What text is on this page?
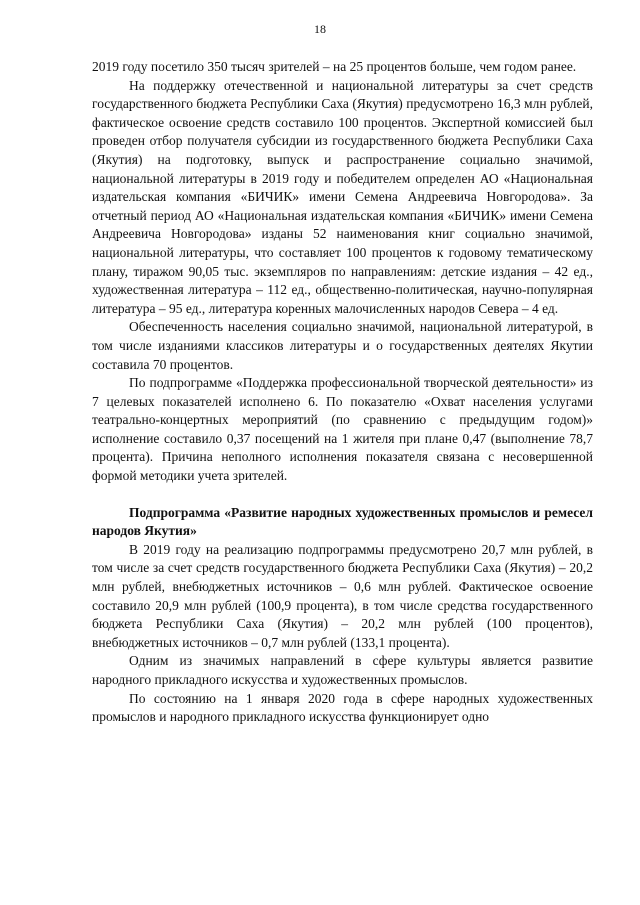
18

2019 году посетило 350 тысяч зрителей – на 25 процентов больше, чем годом ранее.

На поддержку отечественной и национальной литературы за счет средств государственного бюджета Республики Саха (Якутия) предусмотрено 16,3 млн рублей, фактическое освоение средств составило 100 процентов. Экспертной комиссией был проведен отбор получателя субсидии из государственного бюджета Республики Саха (Якутия) на подготовку, выпуск и распространение социально значимой, национальной литературы в 2019 году и победителем определен АО «Национальная издательская компания «БИЧИК» имени Семена Андреевича Новгородова». За отчетный период АО «Национальная издательская компания «БИЧИК» имени Семена Андреевича Новгородова» изданы 52 наименования книг социально значимой, национальной литературы, что составляет 100 процентов к годовому тематическому плану, тиражом 90,05 тыс. экземпляров по направлениям: детские издания – 42 ед., художественная литература – 112 ед., общественно-политическая, научно-популярная литература – 95 ед., литература коренных малочисленных народов Севера – 4 ед.

Обеспеченность населения социально значимой, национальной литературой, в том числе изданиями классиков литературы и о государственных деятелях Якутии составила 70 процентов.

По подпрограмме «Поддержка профессиональной творческой деятельности» из 7 целевых показателей исполнено 6. По показателю «Охват населения услугами театрально-концертных мероприятий (по сравнению с предыдущим годом)» исполнение составило 0,37 посещений на 1 жителя при плане 0,47 (выполнение 78,7 процента). Причина неполного исполнения показателя связана с несовершенной формой методики учета зрителей.

Подпрограмма «Развитие народных художественных промыслов и ремесел народов Якутия»

В 2019 году на реализацию подпрограммы предусмотрено 20,7 млн рублей, в том числе за счет средств государственного бюджета Республики Саха (Якутия) – 20,2 млн рублей, внебюджетных источников – 0,6 млн рублей. Фактическое освоение составило 20,9 млн рублей (100,9 процента), в том числе средства государственного бюджета Республики Саха (Якутия) – 20,2 млн рублей (100 процентов), внебюджетных источников – 0,7 млн рублей (133,1 процента).

Одним из значимых направлений в сфере культуры является развитие народного прикладного искусства и художественных промыслов.

По состоянию на 1 января 2020 года в сфере народных художественных промыслов и народного прикладного искусства функционирует одно
